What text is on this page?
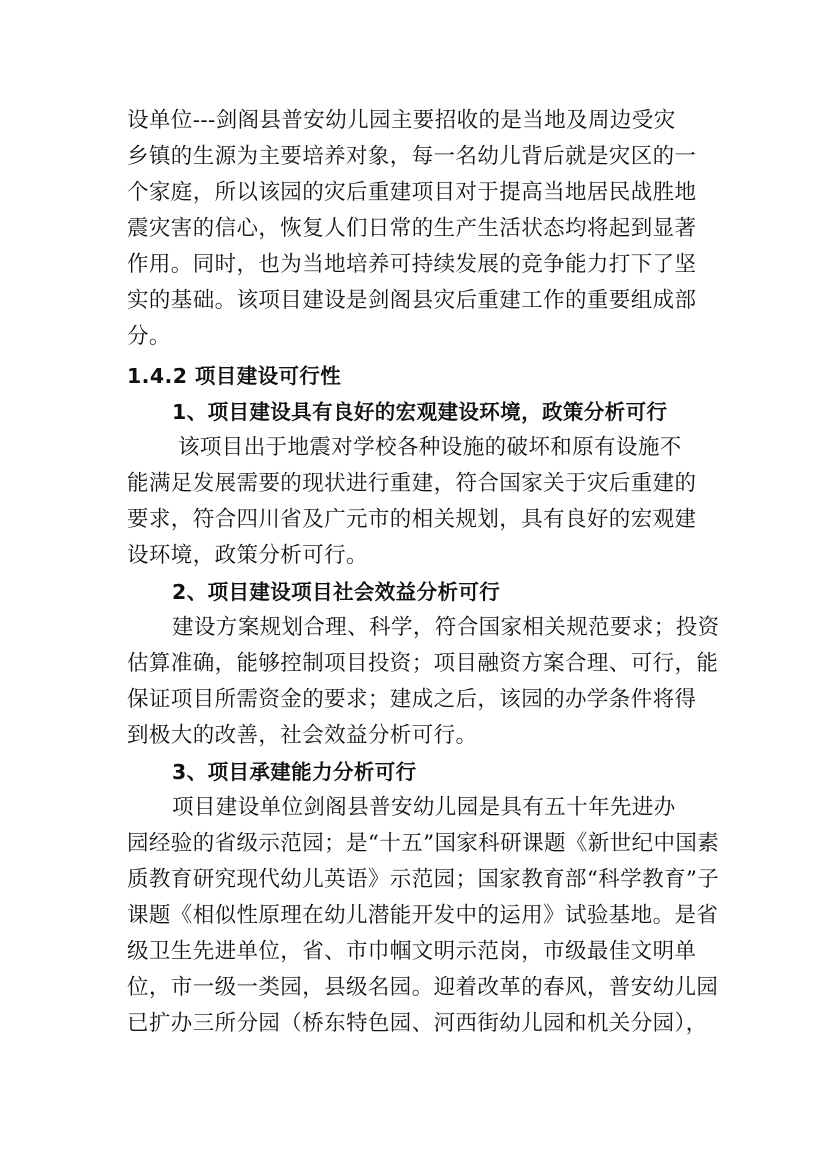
设单位---剑阁县普安幼儿园主要招收的是当地及周边受灾
乡镇的生源为主要培养对象，每一名幼儿背后就是灾区的一
个家庭，所以该园的灾后重建项目对于提高当地居民战胜地
震灾害的信心，恢复人们日常的生产生活状态均将起到显著
作用。同时，也为当地培养可持续发展的竞争能力打下了坚
实的基础。该项目建设是剑阁县灾后重建工作的重要组成部
分。
1.4.2 项目建设可行性
1、项目建设具有良好的宏观建设环境，政策分析可行
该项目出于地震对学校各种设施的破坏和原有设施不
能满足发展需要的现状进行重建，符合国家关于灾后重建的
要求，符合四川省及广元市的相关规划，具有良好的宏观建
设环境，政策分析可行。
2、项目建设项目社会效益分析可行
建设方案规划合理、科学，符合国家相关规范要求；投资
估算准确，能够控制项目投资；项目融资方案合理、可行，能
保证项目所需资金的要求；建成之后，该园的办学条件将得
到极大的改善，社会效益分析可行。
3、项目承建能力分析可行
项目建设单位剑阁县普安幼儿园是具有五十年先进办
园经验的省级示范园；是“十五”国家科研课题《新世纪中国素
质教育研究现代幼儿英语》示范园；国家教育部“科学教育”子
课题《相似性原理在幼儿潜能开发中的运用》试验基地。是省
级卫生先进单位，省、市巾帼文明示范岗，市级最佳文明单
位，市一级一类园，县级名园。迎着改革的春风，普安幼儿园
已扩办三所分园（桥东特色园、河西街幼儿园和机关分园），
